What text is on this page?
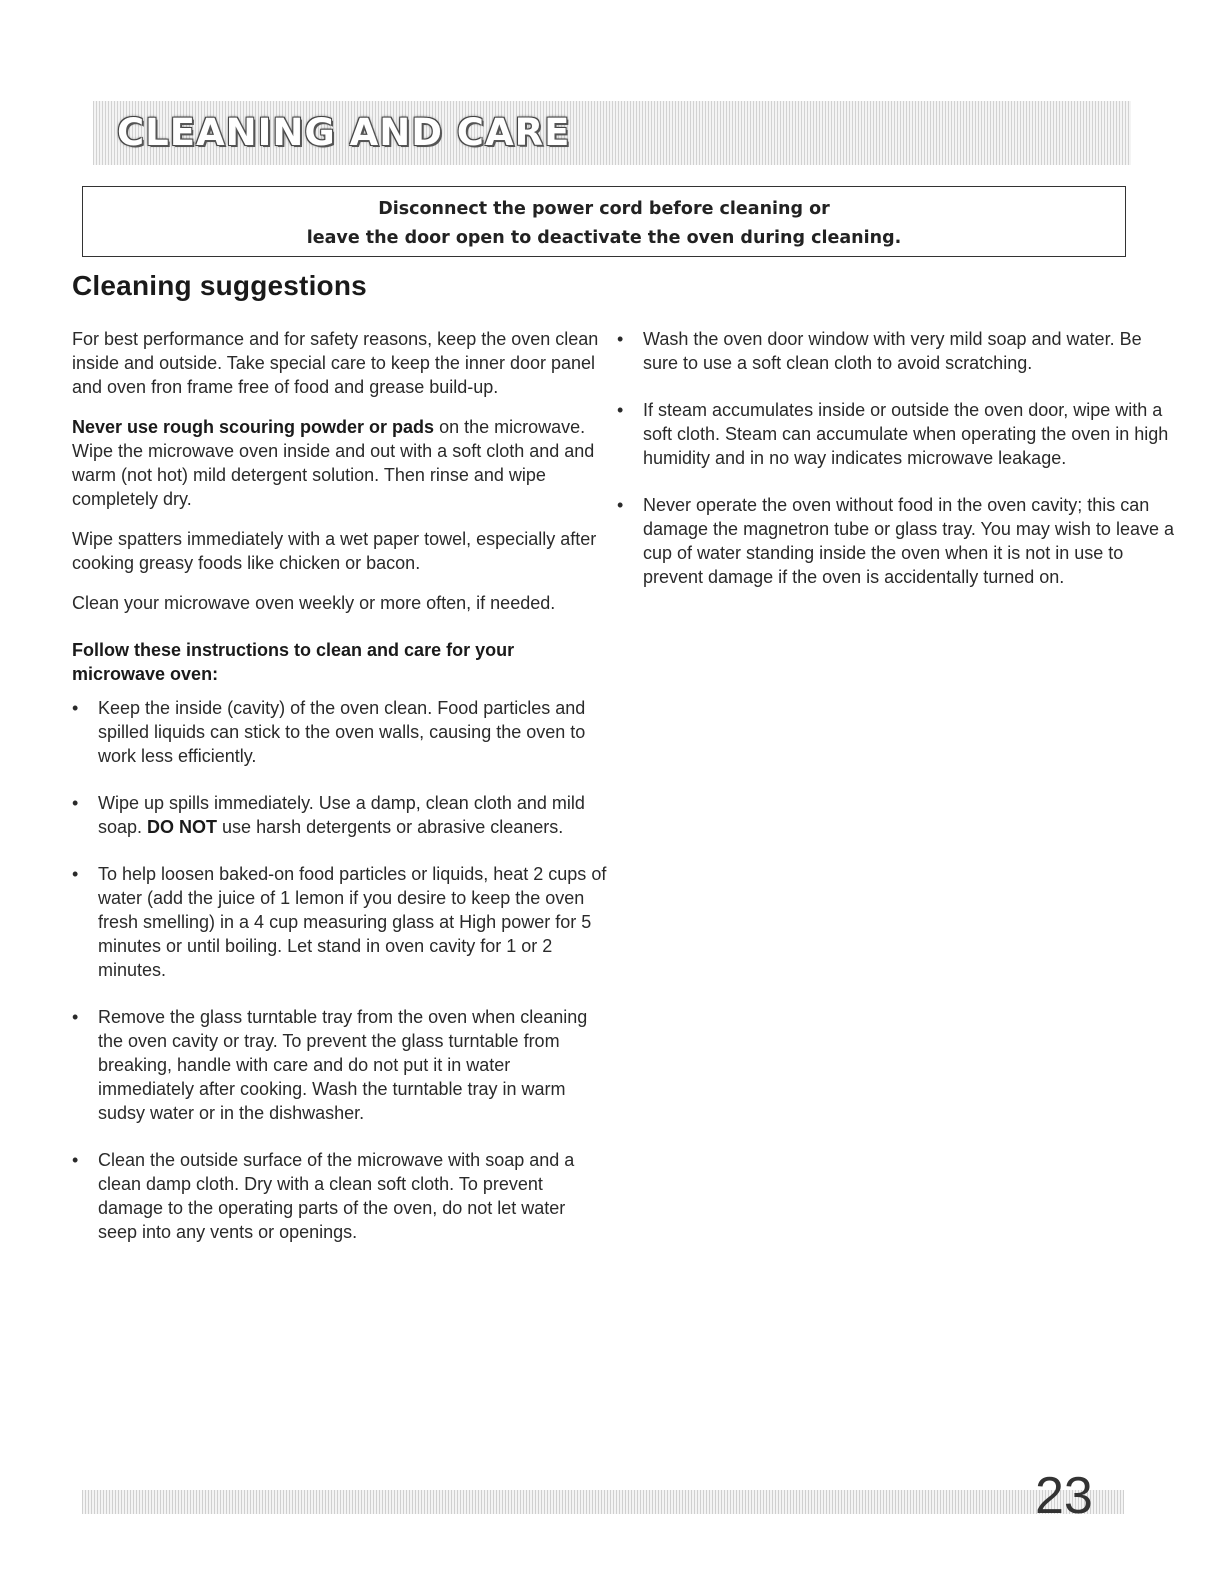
CLEANING AND CARE
Disconnect the power cord before cleaning or
leave the door open to deactivate the oven during cleaning.
Cleaning suggestions

For best performance and for safety reasons, keep the oven clean inside and outside. Take special care to keep the inner door panel and oven fron frame free of food and grease build-up.

Never use rough scouring powder or pads on the microwave. Wipe the microwave oven inside and out with a soft cloth and and warm (not hot) mild detergent solution. Then rinse and wipe completely dry.

Wipe spatters immediately with a wet paper towel, especially after cooking greasy foods like chicken or bacon.

Clean your microwave oven weekly or more often, if needed.

Follow these instructions to clean and care for your microwave oven:
•	Keep the inside (cavity) of the oven clean. Food particles and spilled liquids can stick to the oven walls, causing the oven to work less efficiently.
•	Wipe up spills immediately. Use a damp, clean cloth and mild soap. DO NOT use harsh detergents or abrasive cleaners.
•	To help loosen baked-on food particles or liquids, heat 2 cups of water (add the juice of 1 lemon if you desire to keep the oven fresh smelling) in a 4 cup measuring glass at High power for 5 minutes or until boiling. Let stand in oven cavity for 1 or 2 minutes.
•	Remove the glass turntable tray from the oven when cleaning the oven cavity or tray. To prevent the glass turntable from breaking, handle with care and do not put it in water immediately after cooking. Wash the turntable tray in warm sudsy water or in the dishwasher.
•	Clean the outside surface of the microwave with soap and a clean damp cloth. Dry with a clean soft cloth. To prevent damage to the operating parts of the oven, do not let water seep into any vents or openings.
•	Wash the oven door window with very mild soap and water. Be sure to use a soft clean cloth to avoid scratching.
•	If steam accumulates inside or outside the oven door, wipe with a soft cloth. Steam can accumulate when operating the oven in high humidity and in no way indicates microwave leakage.
•	Never operate the oven without food in the oven cavity; this can damage the magnetron tube or glass tray. You may wish to leave a cup of water standing inside the oven when it is not in use to prevent damage if the oven is accidentally turned on.
23
